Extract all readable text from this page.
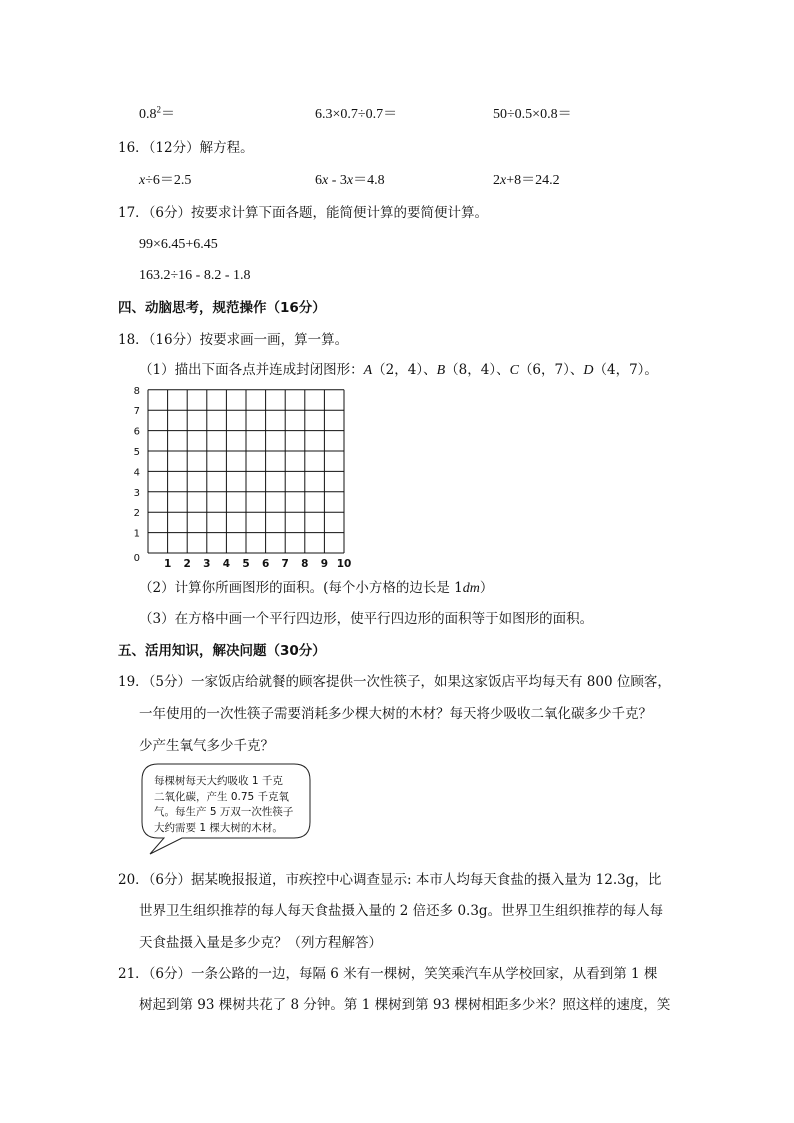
$0.8^2=$	6.3×0.7÷0.7＝	50÷0.5×0.8＝
16．（12分）解方程。
x÷6＝2.5	6x - 3x＝4.8	2x+8＝24.2
17．（6分）按要求计算下面各题，能简便计算的要简便计算。
99×6.45+6.45
163.2÷16 - 8.2 - 1.8
四、动脑思考，规范操作（16分）
18．（16分）按要求画一画，算一算。
（1）描出下面各点并连成封闭图形：A（2，4）、B（8，4）、C（6，7）、D（4，7）。
1 2 3 4 5 6 7 8 9 10
1
2
3
4
5
6
7
8
0
（2）计算你所画图形的面积。(每个小方格的边长是 1dm）
（3）在方格中画一个平行四边形，使平行四边形的面积等于如图形的面积。
五、活用知识，解决问题（30分）
19．（5分）一家饭店给就餐的顾客提供一次性筷子，如果这家饭店平均每天有 800 位顾客，
一年使用的一次性筷子需要消耗多少棵大树的木材？每天将少吸收二氧化碳多少千克？
少产生氧气多少千克？
每棵树每天大约吸收 1 千克
二氧化碳，产生 0.75 千克氧
气。每生产 5 万双一次性筷子
大约需要 1 棵大树的木材。
20．（6分）据某晚报报道，市疾控中心调查显示: 本市人均每天食盐的摄入量为 12.3g，比
世界卫生组织推荐的每人每天食盐摄入量的 2 倍还多 0.3g。世界卫生组织推荐的每人每
天食盐摄入量是多少克？（列方程解答）
21．（6分）一条公路的一边，每隔 6 米有一棵树，笑笑乘汽车从学校回家，从看到第 1 棵
树起到第 93 棵树共花了 8 分钟。第 1 棵树到第 93 棵树相距多少米？照这样的速度，笑
